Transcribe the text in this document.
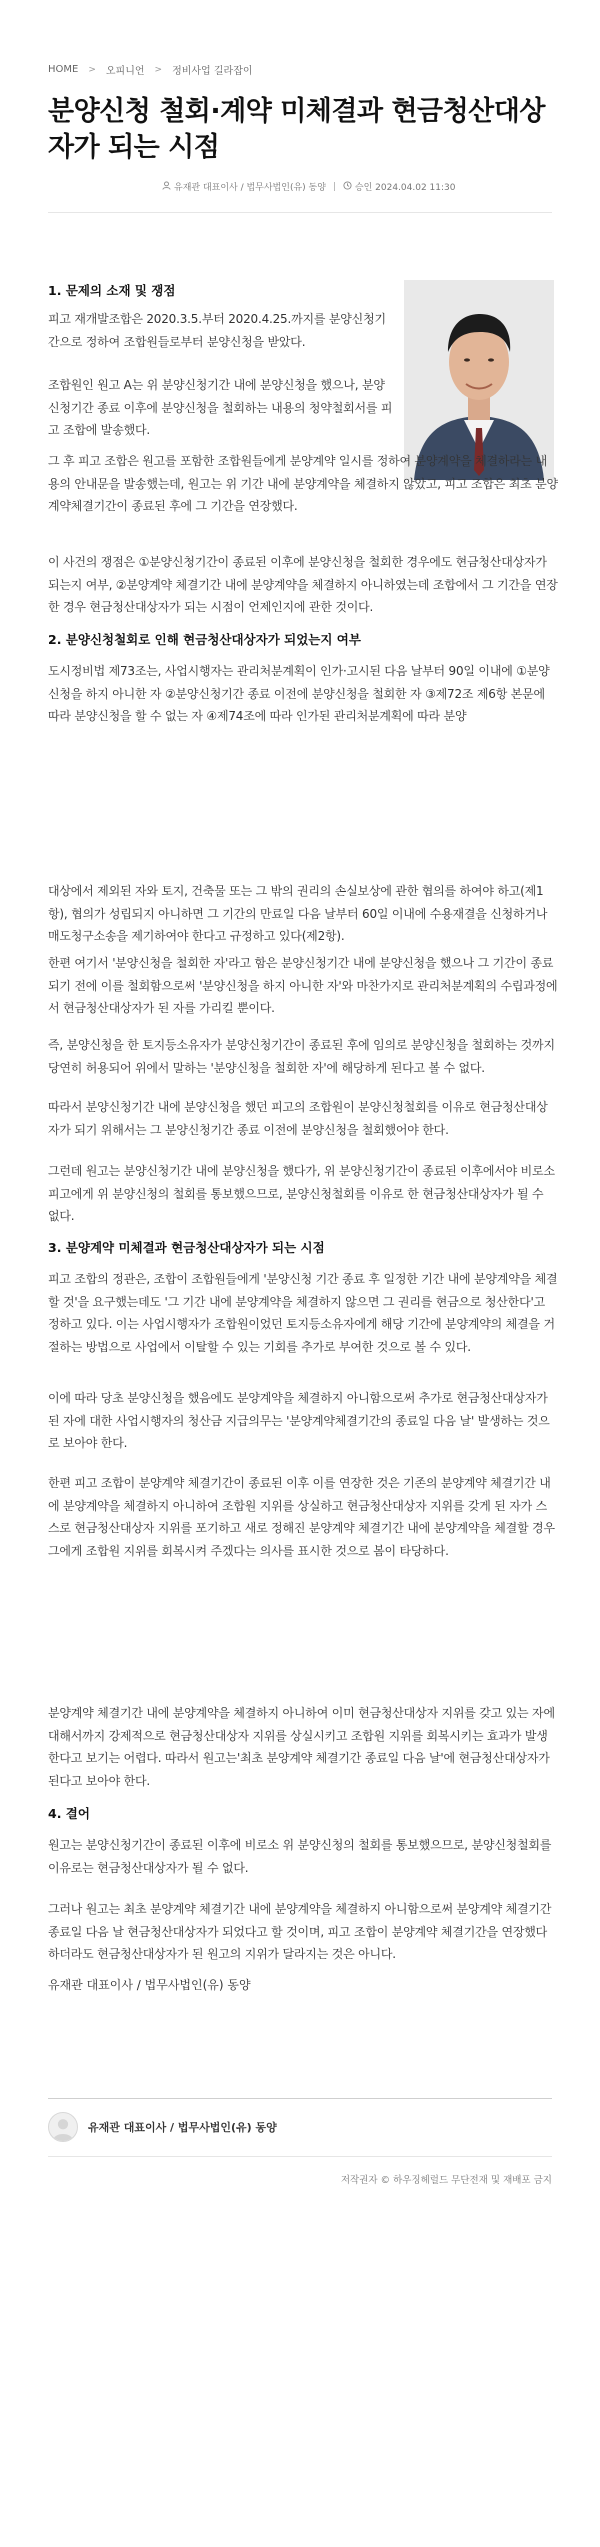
HOME > 오피니언 > 정비사업 길라잡이
분양신청 철회·계약 미체결과 현금청산대상자가 되는 시점
유재관 대표이사 / 법무사법인(유) 동양	승인 2024.04.02 11:30
1. 문제의 소재 및 쟁점

피고 재개발조합은 2020.3.5.부터 2020.4.25.까지를 분양신청기간으로 정하여 조합원들로부터 분양신청을 받았다.

조합원인 원고 A는 위 분양신청기간 내에 분양신청을 했으나, 분양신청기간 종료 이후에 분양신청을 철회하는 내용의 청약철회서를 피고 조합에 발송했다.

그 후 피고 조합은 원고를 포함한 조합원들에게 분양계약 일시를 정하여 분양계약을 체결하라는 내용의 안내문을 발송했는데, 원고는 위 기간 내에 분양계약을 체결하지 않았고, 피고 조합은 최초 분양계약체결기간이 종료된 후에 그 기간을 연장했다.

이 사건의 쟁점은 ①분양신청기간이 종료된 이후에 분양신청을 철회한 경우에도 현금청산대상자가 되는지 여부, ②분양계약 체결기간 내에 분양계약을 체결하지 아니하였는데 조합에서 그 기간을 연장한 경우 현금청산대상자가 되는 시점이 언제인지에 관한 것이다.

2. 분양신청철회로 인해 현금청산대상자가 되었는지 여부

도시정비법 제73조는, 사업시행자는 관리처분계획이 인가·고시된 다음 날부터 90일 이내에 ①분양신청을 하지 아니한 자 ②분양신청기간 종료 이전에 분양신청을 철회한 자 ③제72조 제6항 본문에 따라 분양신청을 할 수 없는 자 ④제74조에 따라 인가된 관리처분계획에 따라 분양

대상에서 제외된 자와 토지, 건축물 또는 그 밖의 권리의 손실보상에 관한 협의를 하여야 하고(제1항), 협의가 성립되지 아니하면 그 기간의 만료일 다음 날부터 60일 이내에 수용재결을 신청하거나 매도청구소송을 제기하여야 한다고 규정하고 있다(제2항).

한편 여기서 '분양신청을 철회한 자'라고 함은 분양신청기간 내에 분양신청을 했으나 그 기간이 종료되기 전에 이를 철회함으로써 '분양신청을 하지 아니한 자'와 마찬가지로 관리처분계획의 수립과정에서 현금청산대상자가 된 자를 가리킬 뿐이다.

즉, 분양신청을 한 토지등소유자가 분양신청기간이 종료된 후에 임의로 분양신청을 철회하는 것까지 당연히 허용되어 위에서 말하는 '분양신청을 철회한 자'에 해당하게 된다고 볼 수 없다.

따라서 분양신청기간 내에 분양신청을 했던 피고의 조합원이 분양신청철회를 이유로 현금청산대상자가 되기 위해서는 그 분양신청기간 종료 이전에 분양신청을 철회했어야 한다.

그런데 원고는 분양신청기간 내에 분양신청을 했다가, 위 분양신청기간이 종료된 이후에서야 비로소 피고에게 위 분양신청의 철회를 통보했으므로, 분양신청철회를 이유로 한 현금청산대상자가 될 수 없다.

3. 분양계약 미체결과 현금청산대상자가 되는 시점

피고 조합의 정관은, 조합이 조합원들에게 '분양신청 기간 종료 후 일정한 기간 내에 분양계약을 체결할 것'을 요구했는데도 '그 기간 내에 분양계약을 체결하지 않으면 그 권리를 현금으로 청산한다'고 정하고 있다. 이는 사업시행자가 조합원이었던 토지등소유자에게 해당 기간에 분양계약의 체결을 거절하는 방법으로 사업에서 이탈할 수 있는 기회를 추가로 부여한 것으로 볼 수 있다.

이에 따라 당초 분양신청을 했음에도 분양계약을 체결하지 아니함으로써 추가로 현금청산대상자가 된 자에 대한 사업시행자의 청산금 지급의무는 '분양계약체결기간의 종료일 다음 날' 발생하는 것으로 보아야 한다.

한편 피고 조합이 분양계약 체결기간이 종료된 이후 이를 연장한 것은 기존의 분양계약 체결기간 내에 분양계약을 체결하지 아니하여 조합원 지위를 상실하고 현금청산대상자 지위를 갖게 된 자가 스스로 현금청산대상자 지위를 포기하고 새로 정해진 분양계약 체결기간 내에 분양계약을 체결할 경우 그에게 조합원 지위를 회복시켜 주겠다는 의사를 표시한 것으로 봄이 타당하다.

분양계약 체결기간 내에 분양계약을 체결하지 아니하여 이미 현금청산대상자 지위를 갖고 있는 자에 대해서까지 강제적으로 현금청산대상자 지위를 상실시키고 조합원 지위를 회복시키는 효과가 발생한다고 보기는 어렵다. 따라서 원고는'최초 분양계약 체결기간 종료일 다음 날'에 현금청산대상자가 된다고 보아야 한다.

4. 결어

원고는 분양신청기간이 종료된 이후에 비로소 위 분양신청의 철회를 통보했으므로, 분양신청철회를 이유로는 현금청산대상자가 될 수 없다.

그러나 원고는 최초 분양계약 체결기간 내에 분양계약을 체결하지 아니함으로써 분양계약 체결기간 종료일 다음 날 현금청산대상자가 되었다고 할 것이며, 피고 조합이 분양계약 체결기간을 연장했다 하더라도 현금청산대상자가 된 원고의 지위가 달라지는 것은 아니다.

유재관 대표이사 / 법무사법인(유) 동양
유재관 대표이사 / 법무사법인(유) 동양
저작권자 © 하우징헤럴드 무단전재 및 재배포 금지
